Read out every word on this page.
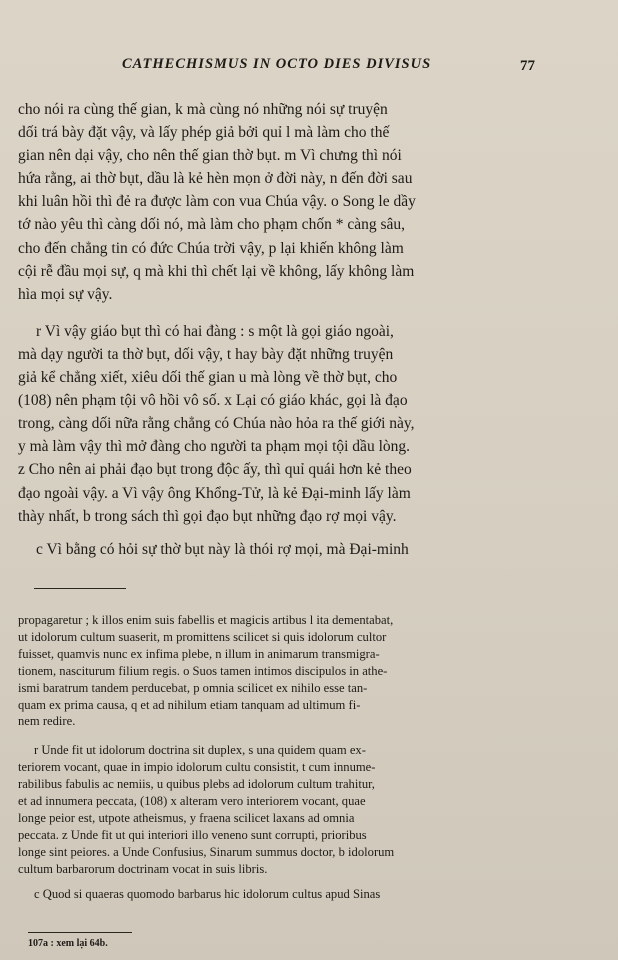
CATHECHISMUS IN OCTO DIES DIVISUS	77
cho nói ra cùng thế gian, k mà cùng nó những nói sự truyện
dối trá bày đặt vậy, và lấy phép giả bởi quỉ l mà làm cho thế
gian nên dại vậy, cho nên thế gian thờ bụt. m Vì chưng thì nói
hứa rằng, ai thờ bụt, dầu là kẻ hèn mọn ở đời này, n đến đời sau
khi luân hồi thì đẻ ra được làm con vua Chúa vậy. o Song le dầy
tớ nào yêu thì càng dối nó, mà làm cho phạm chốn * càng sâu,
cho đến chẳng tin có đức Chúa trời vậy, p lại khiến không làm
cội rễ đầu mọi sự, q mà khi thì chết lại về không, lấy không làm
hìa mọi sự vậy.
r Vì vậy giáo bụt thì có hai đàng : s một là gọi giáo ngoài,
mà dạy người ta thờ bụt, dối vậy, t hay bày đặt những truyện
giả kể chẳng xiết, xiêu dối thế gian u mà lòng về thờ bụt, cho
(108) nên phạm tội vô hồi vô số. x Lại có giáo khác, gọi là đạo
trong, càng dối nữa rằng chẳng có Chúa nào hỏa ra thế giới này,
y mà làm vậy thì mở đàng cho người ta phạm mọi tội dầu lòng.
z Cho nên ai phải đạo bụt trong độc ấy, thì quỉ quái hơn kẻ theo
đạo ngoài vậy. a Vì vậy ông Khổng-Tử, là kẻ Đại-minh lấy làm
thày nhất, b trong sách thì gọi đạo bụt những đạo rợ mọi vậy.
c Vì bằng có hỏi sự thờ bụt này là thói rợ mọi, mà Đại-minh
propagaretur ; k illos enim suis fabellis et magicis artibus l ita dementabat,
ut idolorum cultum suaserit, m promittens scilicet si quis idolorum cultor
fuisset, quamvis nunc ex infima plebe, n illum in animarum transmigra-
tionem, nasciturum filium regis. o Suos tamen intimos discipulos in athe-
ismi baratrum tandem perducebat, p omnia scilicet ex nihilo esse tan-
quam ex prima causa, q et ad nihilum etiam tanquam ad ultimum fi-
nem redire.
r Unde fit ut idolorum doctrina sit duplex, s una quidem quam ex-
teriorem vocant, quae in impio idolorum cultu consistit, t cum innume-
rabilibus fabulis ac nemiis, u quibus plebs ad idolorum cultum trahitur,
et ad innumera peccata, (108) x alteram vero interiorem vocant, quae
longe peior est, utpote atheismus, y fraena scilicet laxans ad omnia
peccata. z Unde fit ut qui interiori illo veneno sunt corrupti, prioribus
longe sint peiores. a Unde Confusius, Sinarum summus doctor, b idolorum
cultum barbarorum doctrinam vocat in suis libris.
c Quod si quaeras quomodo barbarus hic idolorum cultus apud Sinas
107a : xem lại 64b.
